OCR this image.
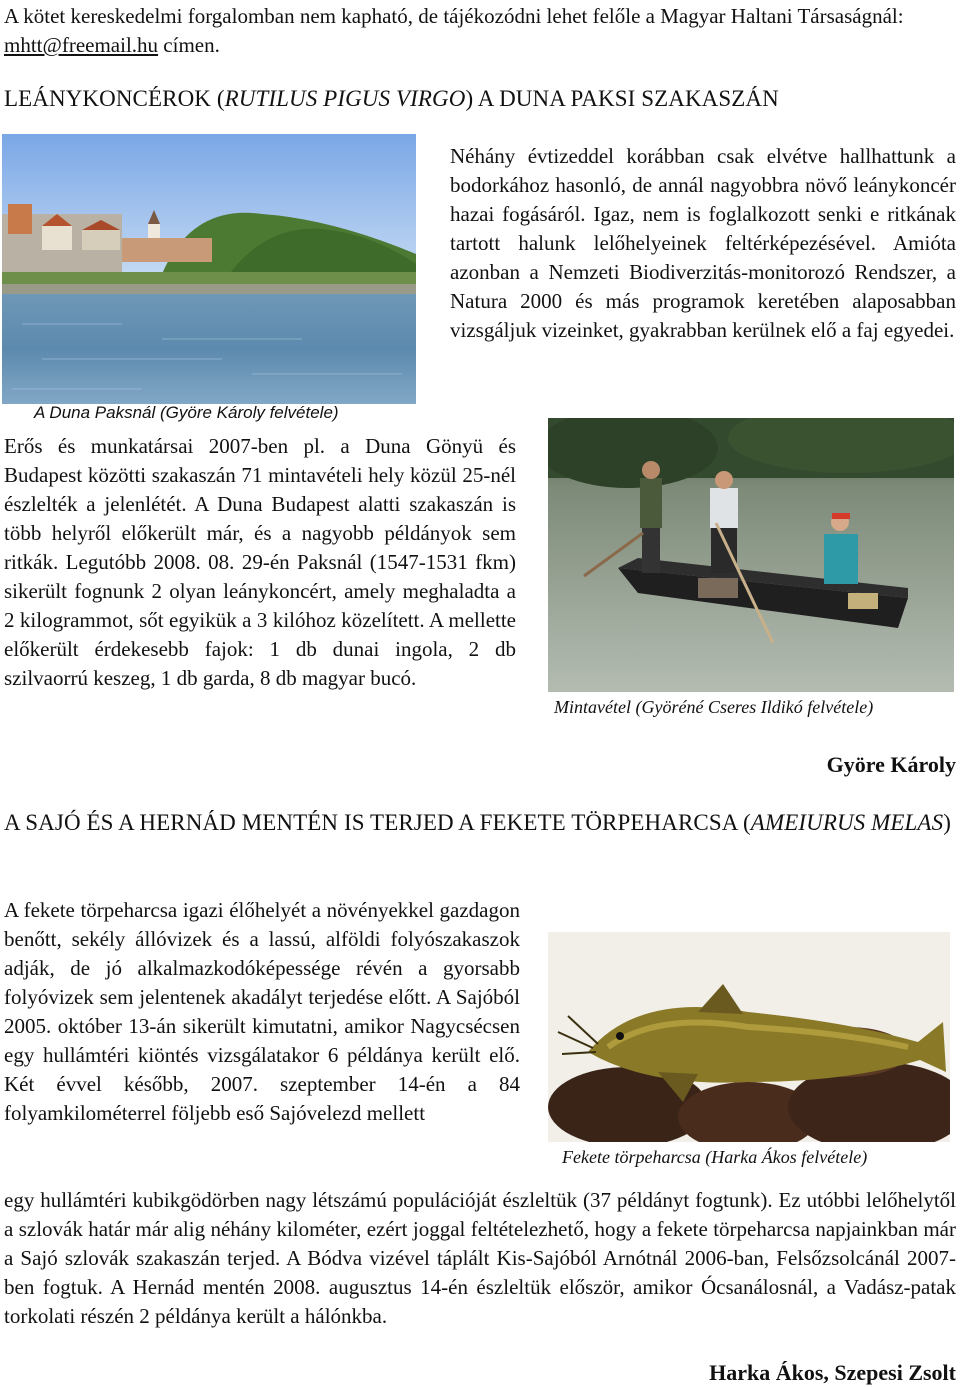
A kötet kereskedelmi forgalomban nem kapható, de tájékozódni lehet felőle a Magyar Haltani Társaságnál: mhtt@freemail.hu címen.

LEÁNYKONCÉROK (RUTILUS PIGUS VIRGO) A DUNA PAKSI SZAKASZÁN
A Duna Paksnál (Györe Károly felvétele)

Néhány évtizeddel korábban csak elvétve hallhattunk a bodorkához hasonló, de annál nagyobbra növő leánykoncér hazai fogásáról. Igaz, nem is foglalkozott senki e ritkának tartott halunk lelőhelyeinek feltérképezésével. Amióta azonban a Nemzeti Biodiverzitás-monitorozó Rendszer, a Natura 2000 és más programok keretében alaposabban vizsgáljuk vizeinket, gyakrabban kerülnek elő a faj egyedei.

Erős és munkatársai 2007-ben pl. a Duna Gönyü és Budapest közötti szakaszán 71 mintavételi hely közül 25-nél észlelték a jelenlétét. A Duna Budapest alatti szakaszán is több helyről előkerült már, és a nagyobb példányok sem ritkák. Legutóbb 2008. 08. 29-én Paksnál (1547-1531 fkm) sikerült fognunk 2 olyan leánykoncért, amely meghaladta a 2 kilogrammot, sőt egyikük a 3 kilóhoz közelített. A mellette előkerült érdekesebb fajok: 1 db dunai ingola, 2 db szilvaorrú keszeg, 1 db garda, 8 db magyar bucó.

Mintavétel (Györéné Cseres Ildikó felvétele)
Györe Károly
A SAJÓ ÉS A HERNÁD MENTÉN IS TERJED A FEKETE TÖRPEHARCSA (AMEIURUS MELAS)

A fekete törpeharcsa igazi élőhelyét a növényekkel gazdagon benőtt, sekély állóvizek és a lassú, alföldi folyószakaszok adják, de jó alkalmazkodóképessége révén a gyorsabb folyóvizek sem jelentenek akadályt terjedése előtt. A Sajóból 2005. október 13-án sikerült kimutatni, amikor Nagycsécsen egy hullámtéri kiöntés vizsgálatakor 6 példánya került elő. Két évvel később, 2007. szeptember 14-én a 84 folyamkilométerrel följebb eső Sajóvelezd mellett

Fekete törpeharcsa (Harka Ákos felvétele)

egy hullámtéri kubikgödörben nagy létszámú populációját észleltük (37 példányt fogtunk). Ez utóbbi lelőhelytől a szlovák határ már alig néhány kilométer, ezért joggal feltételezhető, hogy a fekete törpeharcsa napjainkban már a Sajó szlovák szakaszán terjed. A Bódva vizével táplált Kis-Sajóból Arnótnál 2006-ban, Felsőzsolcánál 2007-ben fogtuk. A Hernád mentén 2008. augusztus 14-én észleltük először, amikor Ócsanálosnál, a Vadász-patak torkolati részén 2 példánya került a hálónkba.

Harka Ákos, Szepesi Zsolt
